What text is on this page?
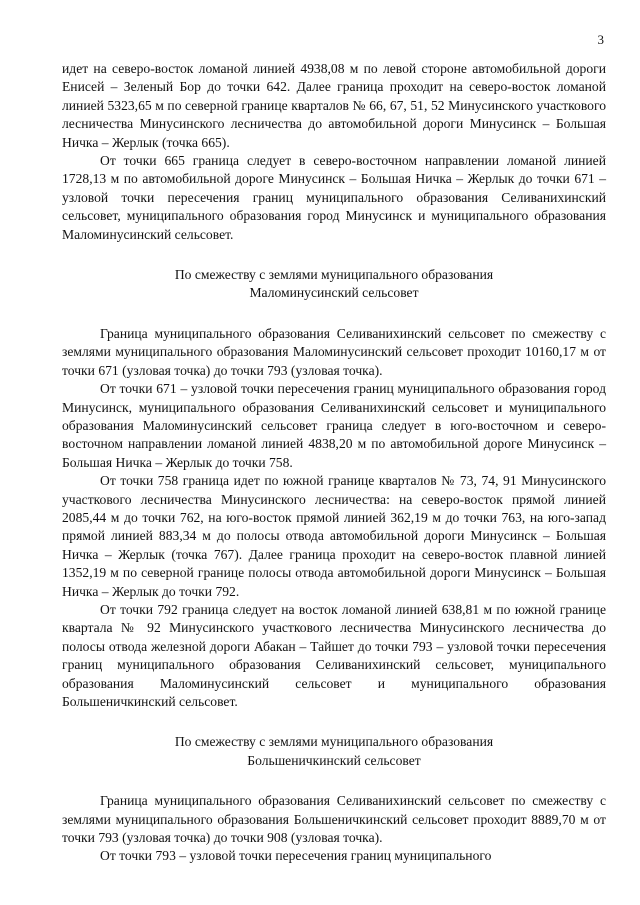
3

идет на северо-восток ломаной линией 4938,08 м по левой стороне автомобильной дороги Енисей – Зеленый Бор до точки 642. Далее граница проходит на северо-восток ломаной линией 5323,65 м по северной границе кварталов № 66, 67, 51, 52 Минусинского участкового лесничества Минусинского лесничества до автомобильной дороги Минусинск – Большая Ничка – Жерлык (точка 665).

От точки 665 граница следует в северо-восточном направлении ломаной линией 1728,13 м по автомобильной дороге Минусинск – Большая Ничка – Жерлык до точки 671 – узловой точки пересечения границ муниципального образования Селиванихинский сельсовет, муниципального образования город Минусинск и муниципального образования Маломинусинский сельсовет.

По смежеству с землями муниципального образования

Маломинусинский сельсовет

Граница муниципального образования Селиванихинский сельсовет по смежеству с землями муниципального образования Маломинусинский сельсовет проходит 10160,17 м от точки 671 (узловая точка) до точки 793 (узловая точка).

От точки 671 – узловой точки пересечения границ муниципального образования город Минусинск, муниципального образования Селиванихинский сельсовет и муниципального образования Маломинусинский сельсовет граница следует в юго-восточном и северо-восточном направлении ломаной линией 4838,20 м по автомобильной дороге Минусинск – Большая Ничка – Жерлык до точки 758.

От точки 758 граница идет по южной границе кварталов № 73, 74, 91 Минусинского участкового лесничества Минусинского лесничества: на северо-восток прямой линией 2085,44 м до точки 762, на юго-восток прямой линией 362,19 м до точки 763, на юго-запад прямой линией 883,34 м до полосы отвода автомобильной дороги Минусинск – Большая Ничка – Жерлык (точка 767). Далее граница проходит на северо-восток плавной линией 1352,19 м по северной границе полосы отвода автомобильной дороги Минусинск – Большая Ничка – Жерлык до точки 792.

От точки 792 граница следует на восток ломаной линией 638,81 м по южной границе квартала № 92 Минусинского участкового лесничества Минусинского лесничества до полосы отвода железной дороги Абакан – Тайшет до точки 793 – узловой точки пересечения границ муниципального образования Селиванихинский сельсовет, муниципального образования Маломинусинский сельсовет и муниципального образования Большеничкинский сельсовет.

По смежеству с землями муниципального образования

Большеничкинский сельсовет

Граница муниципального образования Селиванихинский сельсовет по смежеству с землями муниципального образования Большеничкинский сельсовет проходит 8889,70 м от точки 793 (узловая точка) до точки 908 (узловая точка).

От точки 793 – узловой точки пересечения границ муниципального
